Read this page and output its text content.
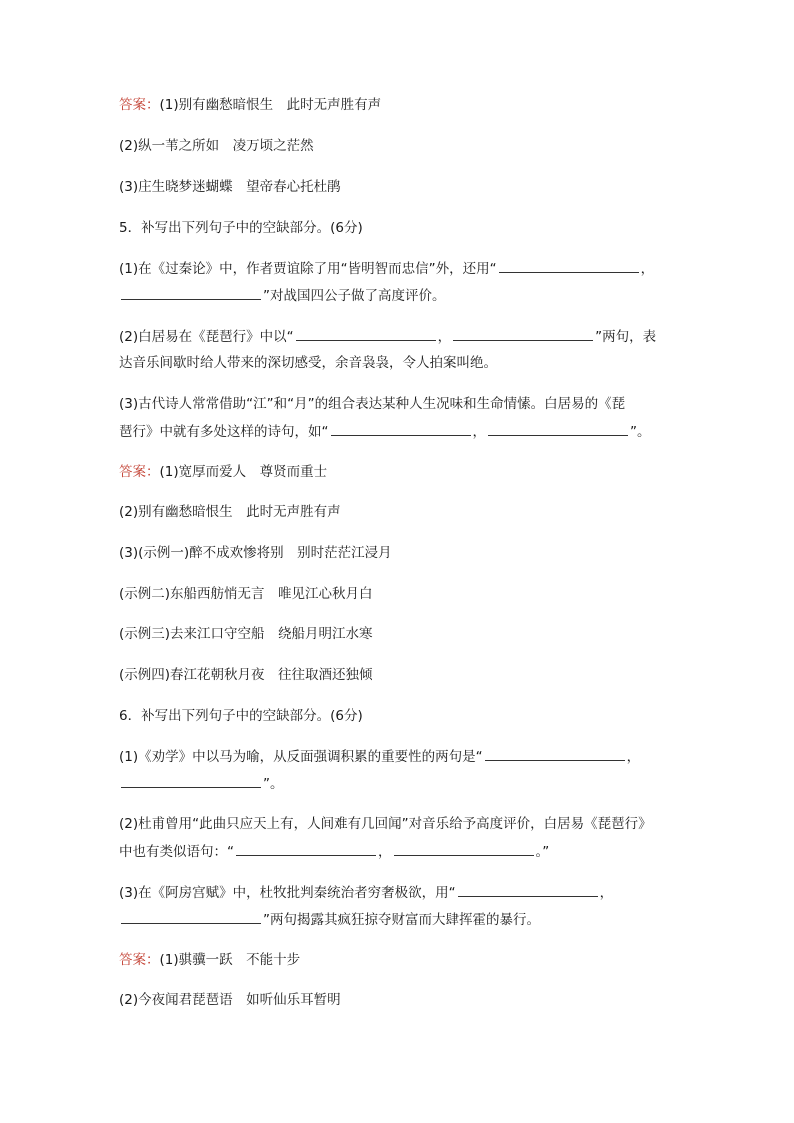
答案：(1)别有幽愁暗恨生　此时无声胜有声
(2)纵一苇之所如　凌万顷之茫然
(3)庄生晓梦迷蝴蝶　望帝春心托杜鹃
5．补写出下列句子中的空缺部分。(6分)
(1)在《过秦论》中，作者贾谊除了用“皆明智而忠信”外，还用“	，
”对战国四公子做了高度评价。
(2)白居易在《琵琶行》中以“	，	”两句，表
达音乐间歇时给人带来的深切感受，余音袅袅，令人拍案叫绝。
(3)古代诗人常常借助“江”和“月”的组合表达某种人生况味和生命情愫。白居易的《琵
琶行》中就有多处这样的诗句，如“	，	”。
答案：(1)宽厚而爱人　尊贤而重士
(2)别有幽愁暗恨生　此时无声胜有声
(3)(示例一)醉不成欢惨将别　别时茫茫江浸月
(示例二)东船西舫悄无言　唯见江心秋月白
(示例三)去来江口守空船　绕船月明江水寒
(示例四)春江花朝秋月夜　往往取酒还独倾
6．补写出下列句子中的空缺部分。(6分)
(1)《劝学》中以马为喻，从反面强调积累的重要性的两句是“	，
”。
(2)杜甫曾用“此曲只应天上有，人间难有几回闻”对音乐给予高度评价，白居易《琵琶行》
中也有类似语句：“	，	。”
(3)在《阿房宫赋》中，杜牧批判秦统治者穷奢极欲，用“	，
”两句揭露其疯狂掠夺财富而大肆挥霍的暴行。
答案：(1)骐骥一跃　不能十步
(2)今夜闻君琵琶语　如听仙乐耳暂明
